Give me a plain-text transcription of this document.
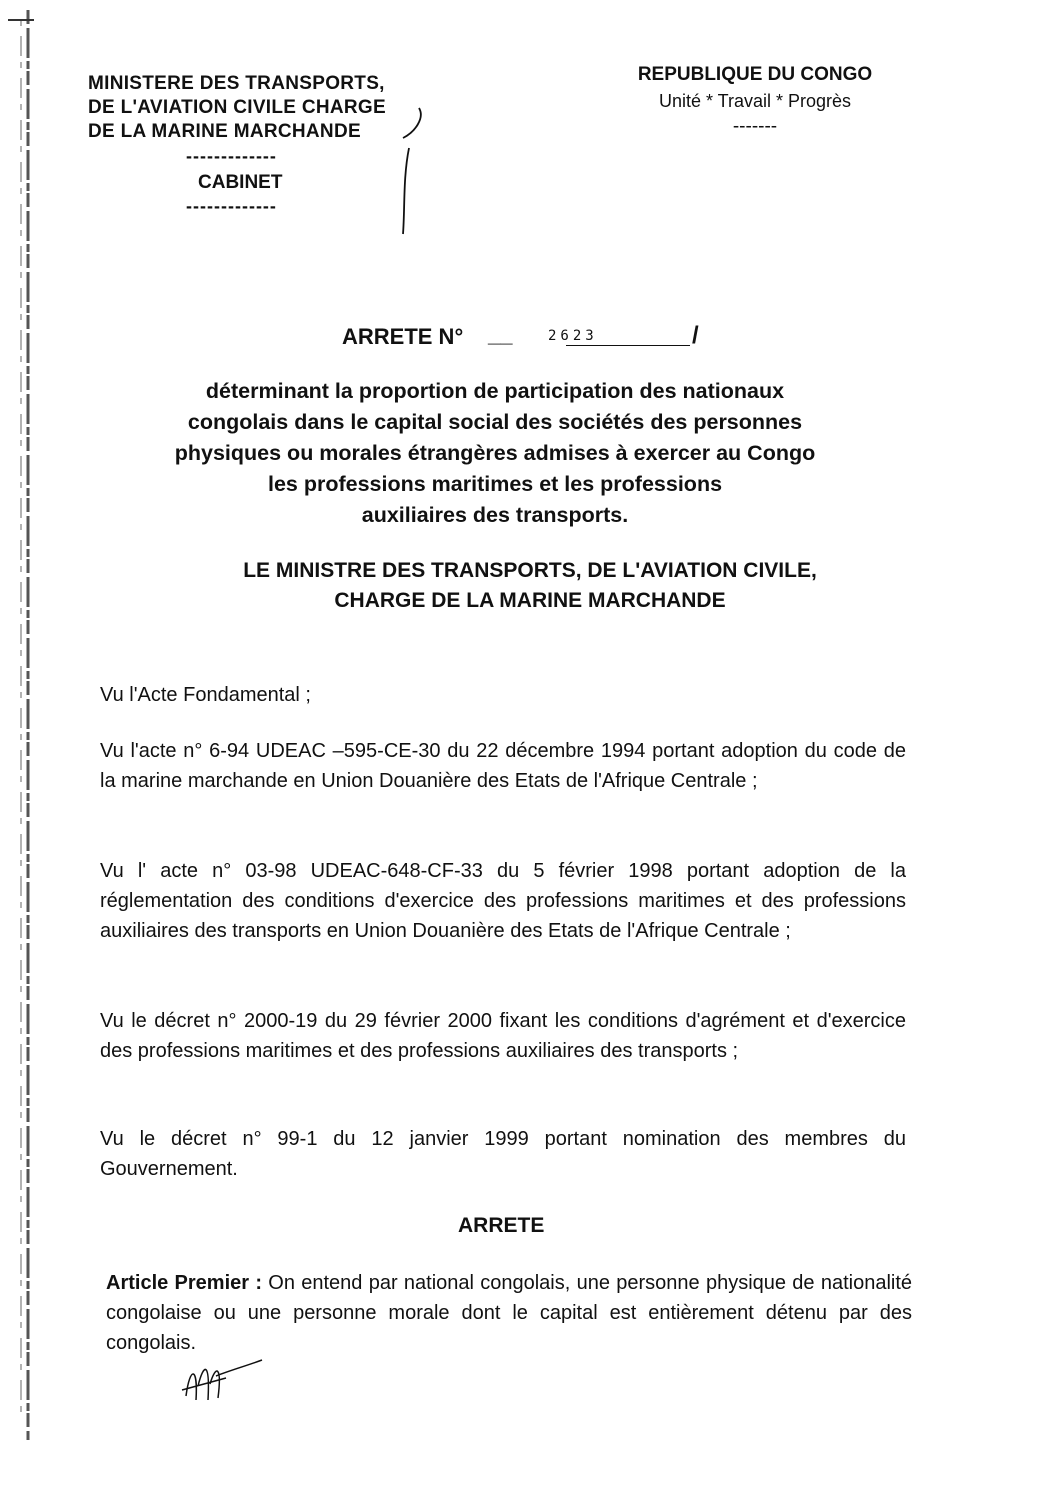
MINISTERE DES TRANSPORTS,
DE L'AVIATION CIVILE CHARGE
DE LA MARINE MARCHANDE
-------------
CABINET
-------------
REPUBLIQUE DU CONGO
Unité * Travail * Progrès
-------
ARRETE N° __	2623	/
déterminant la proportion de participation des nationaux
congolais dans le capital social des sociétés des personnes
physiques ou morales étrangères admises à exercer au Congo
les professions maritimes et les professions
auxiliaires des transports.
LE MINISTRE DES TRANSPORTS, DE L'AVIATION CIVILE,
CHARGE DE LA MARINE MARCHANDE
Vu l'Acte Fondamental ;
Vu l'acte n° 6-94 UDEAC –595-CE-30 du 22 décembre 1994 portant adoption du code de la marine marchande en Union Douanière des Etats de l'Afrique Centrale ;
Vu l' acte n° 03-98 UDEAC-648-CF-33 du 5 février 1998 portant adoption de la réglementation des conditions d'exercice des professions maritimes et des professions auxiliaires des transports en Union Douanière des Etats de l'Afrique Centrale ;
Vu le décret n° 2000-19 du 29 février 2000 fixant les conditions d'agrément et d'exercice des professions maritimes et des professions auxiliaires des transports ;
Vu le décret n° 99-1 du 12 janvier 1999 portant nomination des membres du Gouvernement.
ARRETE
Article Premier : On entend par national congolais, une personne physique de nationalité congolaise ou une personne morale dont le capital est entièrement détenu par des congolais.
